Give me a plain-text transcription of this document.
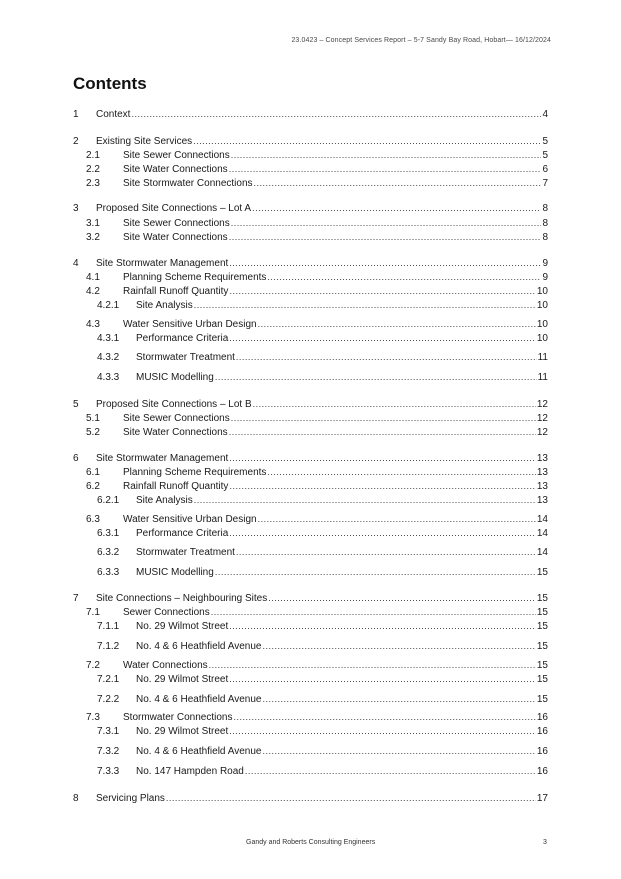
23.0423 – Concept Services Report – 5-7 Sandy Bay Road, Hobart— 16/12/2024
Contents
1	Context .....	4
2	Existing Site Services .....	5
2.1	Site Sewer Connections .....	5
2.2	Site Water Connections .....	6
2.3	Site Stormwater Connections .....	7
3	Proposed Site Connections – Lot A .....	8
3.1	Site Sewer Connections .....	8
3.2	Site Water Connections .....	8
4	Site Stormwater Management .....	9
4.1	Planning Scheme Requirements .....	9
4.2	Rainfall Runoff Quantity .....	10
4.2.1	Site Analysis .....	10
4.3	Water Sensitive Urban Design .....	10
4.3.1	Performance Criteria .....	10
4.3.2	Stormwater Treatment .....	11
4.3.3	MUSIC Modelling .....	11
5	Proposed Site Connections – Lot B .....	12
5.1	Site Sewer Connections .....	12
5.2	Site Water Connections .....	12
6	Site Stormwater Management .....	13
6.1	Planning Scheme Requirements .....	13
6.2	Rainfall Runoff Quantity .....	13
6.2.1	Site Analysis .....	13
6.3	Water Sensitive Urban Design .....	14
6.3.1	Performance Criteria .....	14
6.3.2	Stormwater Treatment .....	14
6.3.3	MUSIC Modelling .....	15
7	Site Connections – Neighbouring Sites .....	15
7.1	Sewer Connections .....	15
7.1.1	No. 29 Wilmot Street .....	15
7.1.2	No. 4 & 6 Heathfield Avenue .....	15
7.2	Water Connections .....	15
7.2.1	No. 29 Wilmot Street .....	15
7.2.2	No. 4 & 6 Heathfield Avenue .....	15
7.3	Stormwater Connections .....	16
7.3.1	No. 29 Wilmot Street .....	16
7.3.2	No. 4 & 6 Heathfield Avenue .....	16
7.3.3	No. 147 Hampden Road .....	16
8	Servicing Plans .....	17
Gandy and Roberts Consulting Engineers	3
